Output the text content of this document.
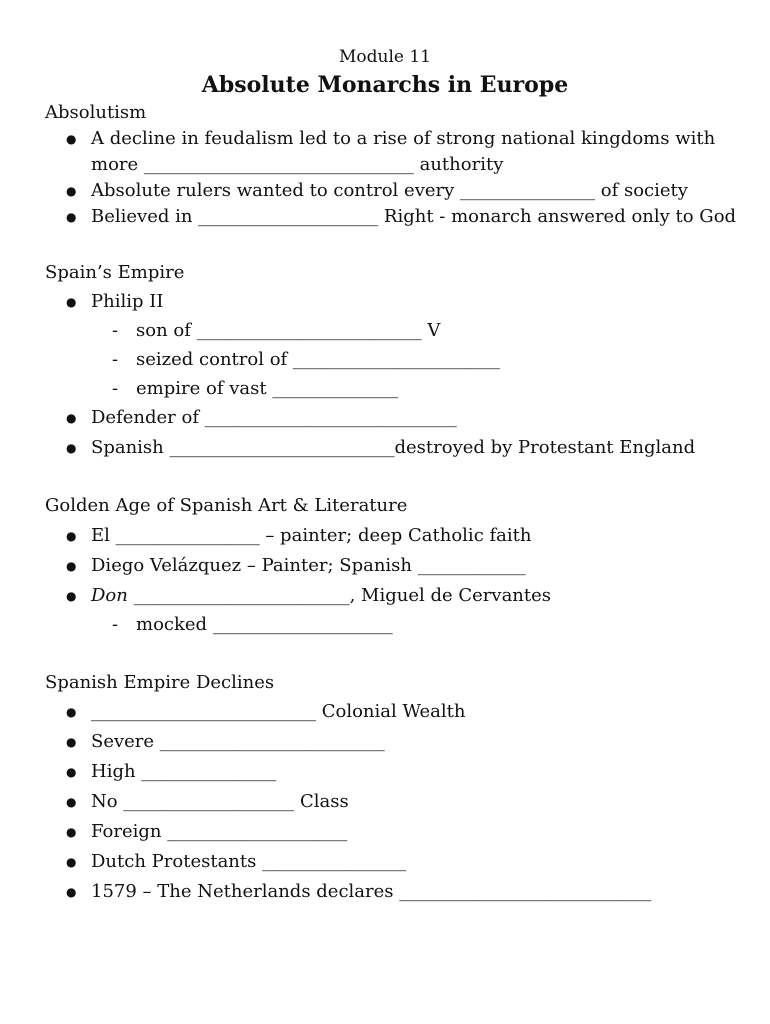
Module 11
Absolute Monarchs in Europe
Absolutism
● A decline in feudalism led to a rise of strong national kingdoms with
more ______________________________ authority
● Absolute rulers wanted to control every _______________ of society
● Believed in ____________________ Right - monarch answered only to God
Spain’s Empire
● Philip II
- son of _________________________ V
- seized control of _______________________
- empire of vast ______________
● Defender of ____________________________
● Spanish _________________________destroyed by Protestant England
Golden Age of Spanish Art & Literature
● El ________________ – painter; deep Catholic faith
● Diego Velázquez – Painter; Spanish ____________
● Don ________________________, Miguel de Cervantes
- mocked ____________________
Spanish Empire Declines
● _________________________ Colonial Wealth
● Severe _________________________
● High _______________
● No ___________________ Class
● Foreign ____________________
● Dutch Protestants ________________
● 1579 – The Netherlands declares ____________________________
